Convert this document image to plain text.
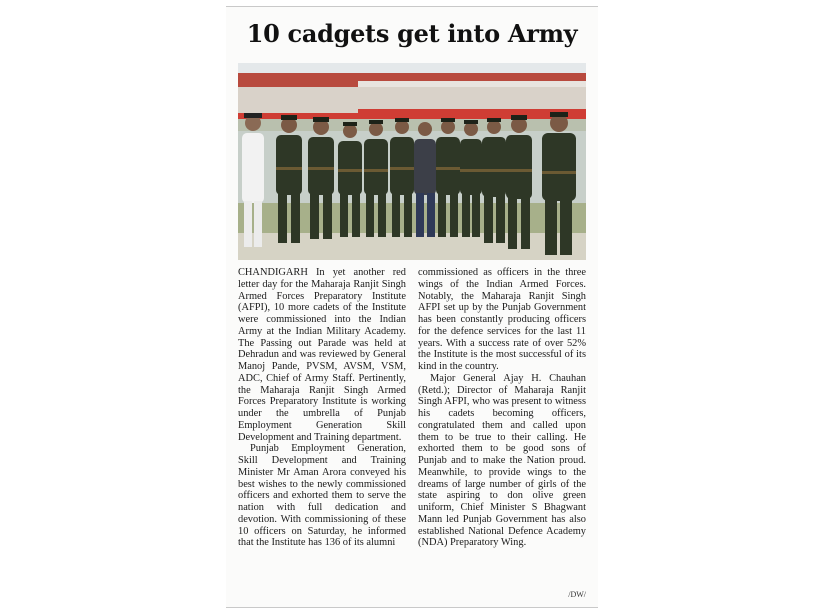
10 cadgets get into Army

CHANDIGARH In yet another red letter day for the Maharaja Ranjit Singh Armed Forces Preparatory Institute (AFPI), 10 more cadets of the Institute were commissioned into the Indian Army at the Indian Military Academy. The Passing out Parade was held at Dehradun and was reviewed by General Manoj Pande, PVSM, AVSM, VSM, ADC, Chief of Army Staff. Pertinently, the Maharaja Ranjit Singh Armed Forces Preparatory Institute is working under the umbrella of Punjab Employment Generation Skill Development and Training department.

Punjab Employment Generation, Skill Development and Training Minister Mr Aman Arora conveyed his best wishes to the newly commissioned officers and exhorted them to serve the nation with full dedication and devotion. With commissioning of these 10 officers on Saturday, he informed that the Institute has 136 of its alumni

commissioned as officers in the three wings of the Indian Armed Forces. Notably, the Maharaja Ranjit Singh AFPI set up by the Punjab Government has been constantly producing officers for the defence services for the last 11 years. With a success rate of over 52% the Institute is the most successful of its kind in the country.

Major General Ajay H. Chauhan (Retd.); Director of Maharaja Ranjit Singh AFPI, who was present to witness his cadets becoming officers, congratulated them and called upon them to be true to their calling. He exhorted them to be good sons of Punjab and to make the Nation proud. Meanwhile, to provide wings to the dreams of large number of girls of the state aspiring to don olive green uniform, Chief Minister S Bhagwant Mann led Punjab Government has also established National Defence Academy (NDA) Preparatory Wing.

/DW/
